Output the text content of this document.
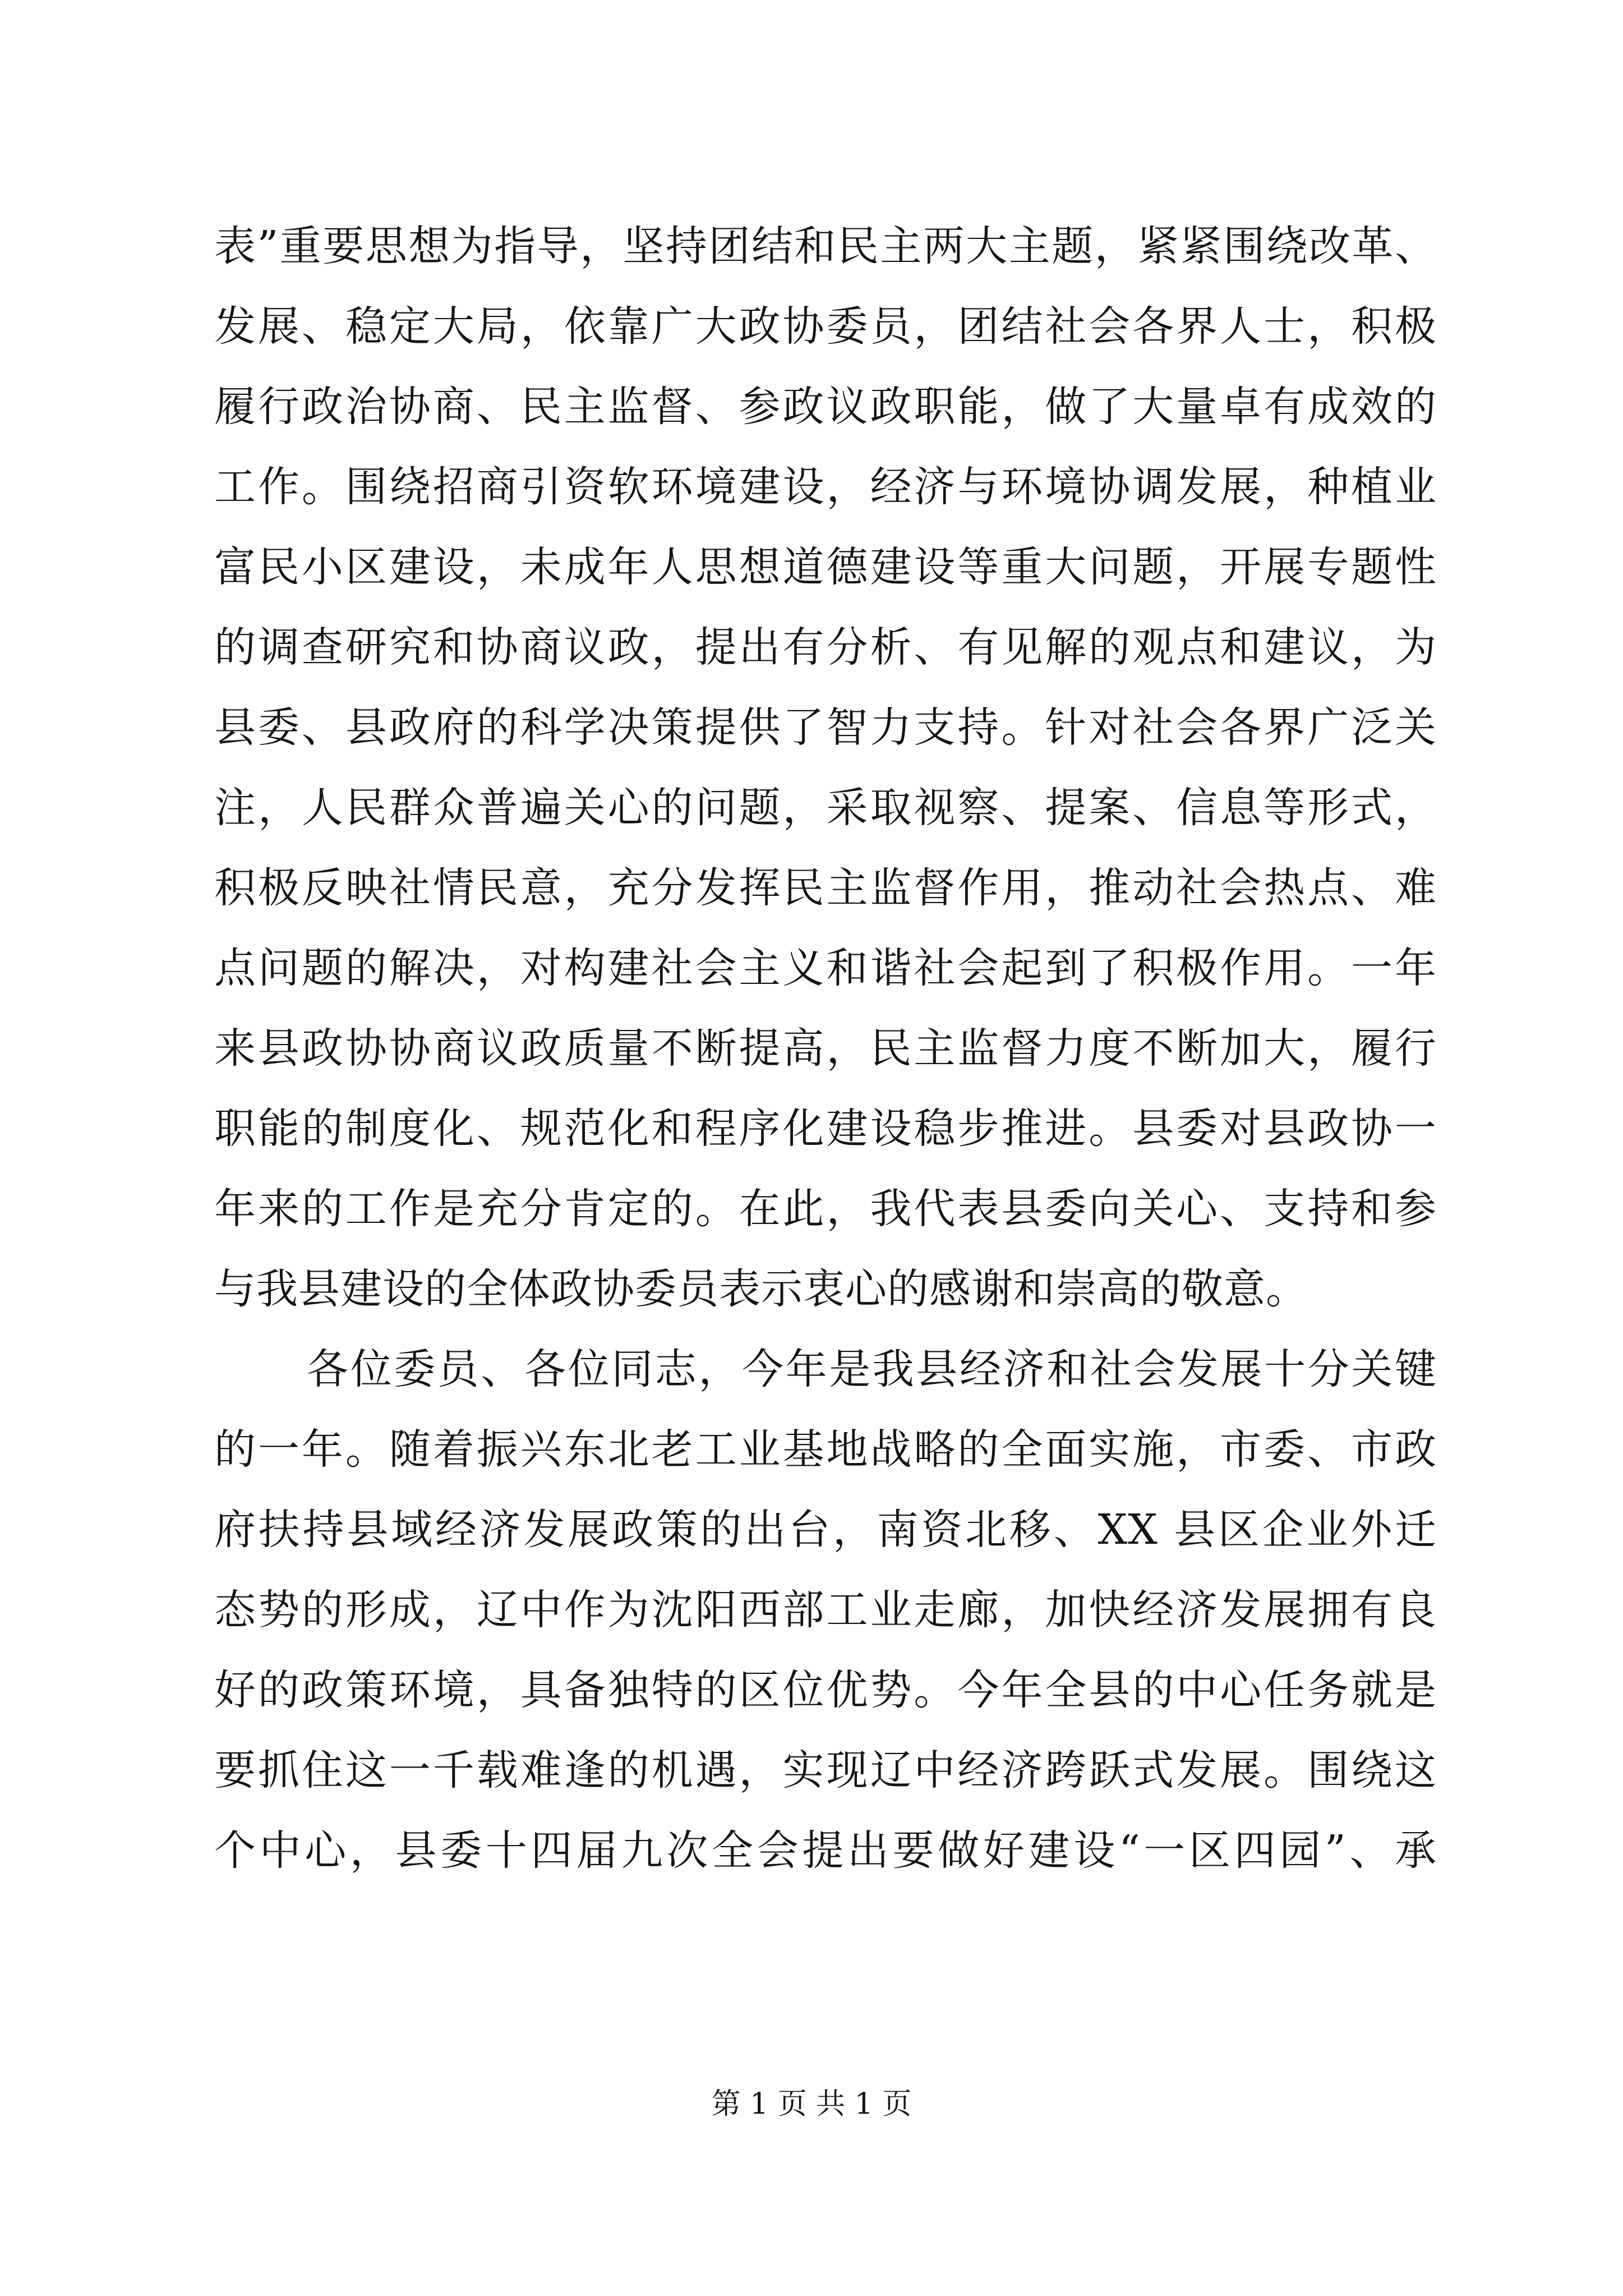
表”重要思想为指导，坚持团结和民主两大主题，紧紧围绕改革、
发展、稳定大局，依靠广大政协委员，团结社会各界人士，积极
履行政治协商、民主监督、参政议政职能，做了大量卓有成效的
工作。围绕招商引资软环境建设，经济与环境协调发展，种植业
富民小区建设，未成年人思想道德建设等重大问题，开展专题性
的调查研究和协商议政，提出有分析、有见解的观点和建议，为
县委、县政府的科学决策提供了智力支持。针对社会各界广泛关
注，人民群众普遍关心的问题，采取视察、提案、信息等形式，
积极反映社情民意，充分发挥民主监督作用，推动社会热点、难
点问题的解决，对构建社会主义和谐社会起到了积极作用。一年
来县政协协商议政质量不断提高，民主监督力度不断加大，履行
职能的制度化、规范化和程序化建设稳步推进。县委对县政协一
年来的工作是充分肯定的。在此，我代表县委向关心、支持和参
与我县建设的全体政协委员表示衷心的感谢和崇高的敬意。
各位委员、各位同志，今年是我县经济和社会发展十分关键
的一年。随着振兴东北老工业基地战略的全面实施，市委、市政
府扶持县域经济发展政策的出台，南资北移、XX 县区企业外迁
态势的形成，辽中作为沈阳西部工业走廊，加快经济发展拥有良
好的政策环境，具备独特的区位优势。今年全县的中心任务就是
要抓住这一千载难逢的机遇，实现辽中经济跨跃式发展。围绕这
个中心，县委十四届九次全会提出要做好建设“一区四园”、承
第 1 页 共 1 页
